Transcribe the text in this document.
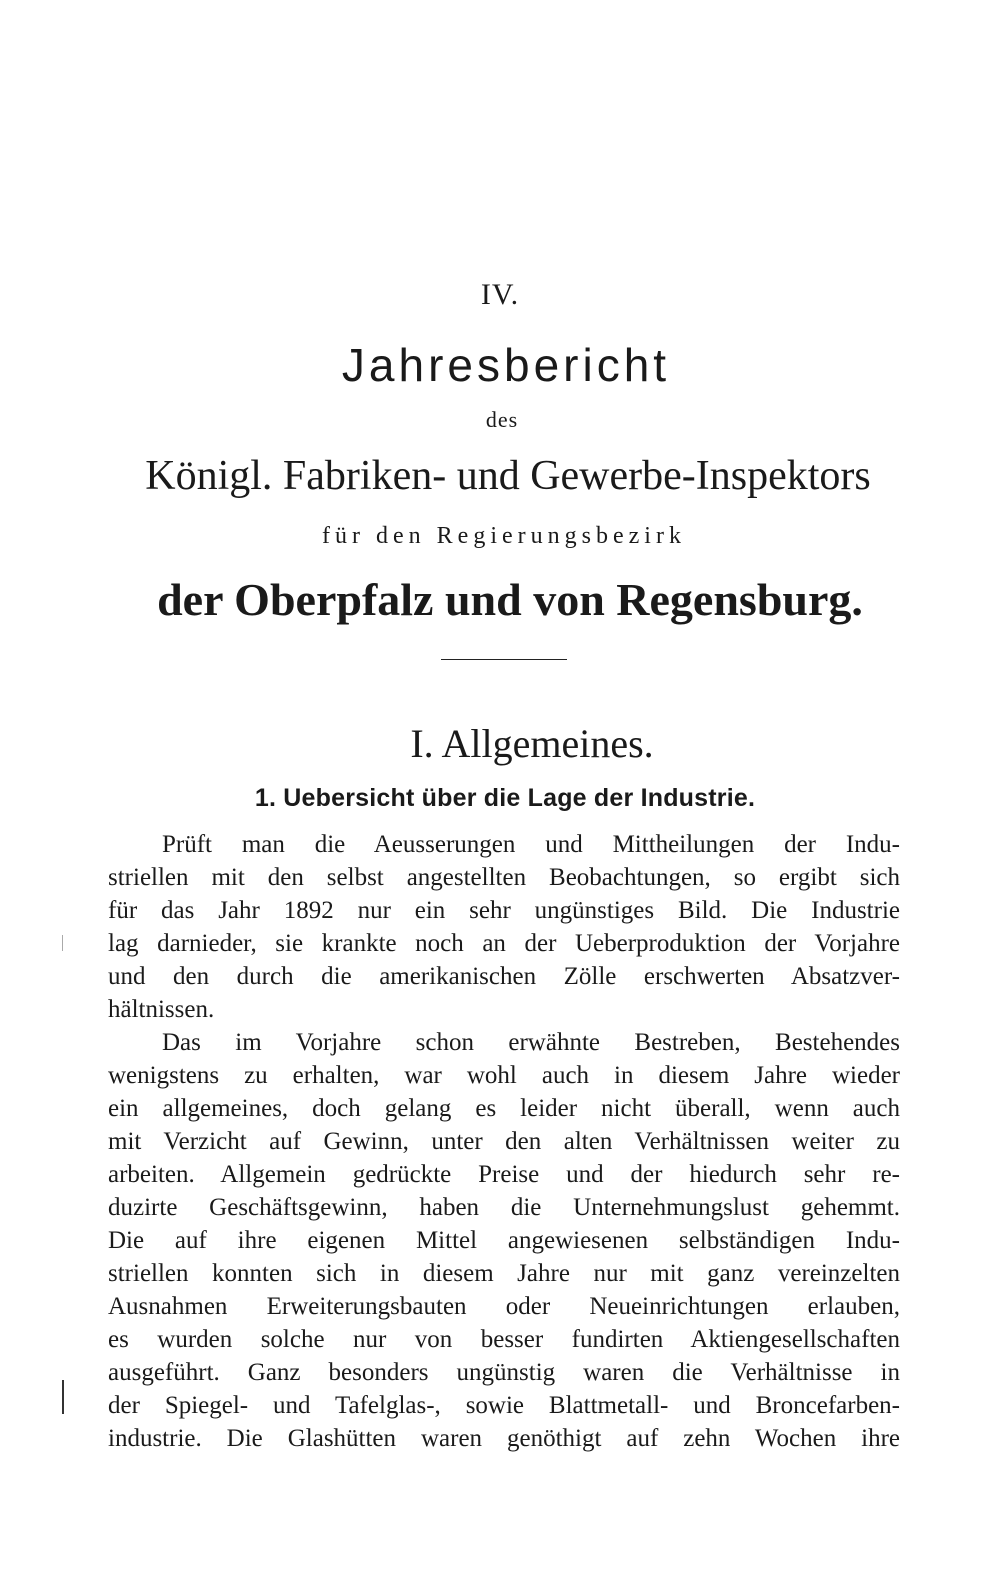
IV.
Jahresbericht
des
Königl. Fabriken- und Gewerbe-Inspektors
für den Regierungsbezirk
der Oberpfalz und von Regensburg.
I. Allgemeines.
1. Uebersicht über die Lage der Industrie.
Prüft man die Aeusserungen und Mittheilungen der Indu-
striellen mit den selbst angestellten Beobachtungen, so ergibt sich
für das Jahr 1892 nur ein sehr ungünstiges Bild. Die Industrie
lag darnieder, sie krankte noch an der Ueberproduktion der Vorjahre
und den durch die amerikanischen Zölle erschwerten Absatzver-
hältnissen.
Das im Vorjahre schon erwähnte Bestreben, Bestehendes
wenigstens zu erhalten, war wohl auch in diesem Jahre wieder
ein allgemeines, doch gelang es leider nicht überall, wenn auch
mit Verzicht auf Gewinn, unter den alten Verhältnissen weiter zu
arbeiten. Allgemein gedrückte Preise und der hiedurch sehr re-
duzirte Geschäftsgewinn, haben die Unternehmungslust gehemmt.
Die auf ihre eigenen Mittel angewiesenen selbständigen Indu-
striellen konnten sich in diesem Jahre nur mit ganz vereinzelten
Ausnahmen Erweiterungsbauten oder Neueinrichtungen erlauben,
es wurden solche nur von besser fundirten Aktiengesellschaften
ausgeführt. Ganz besonders ungünstig waren die Verhältnisse in
der Spiegel- und Tafelglas-, sowie Blattmetall- und Broncefarben-
industrie. Die Glashütten waren genöthigt auf zehn Wochen ihre
